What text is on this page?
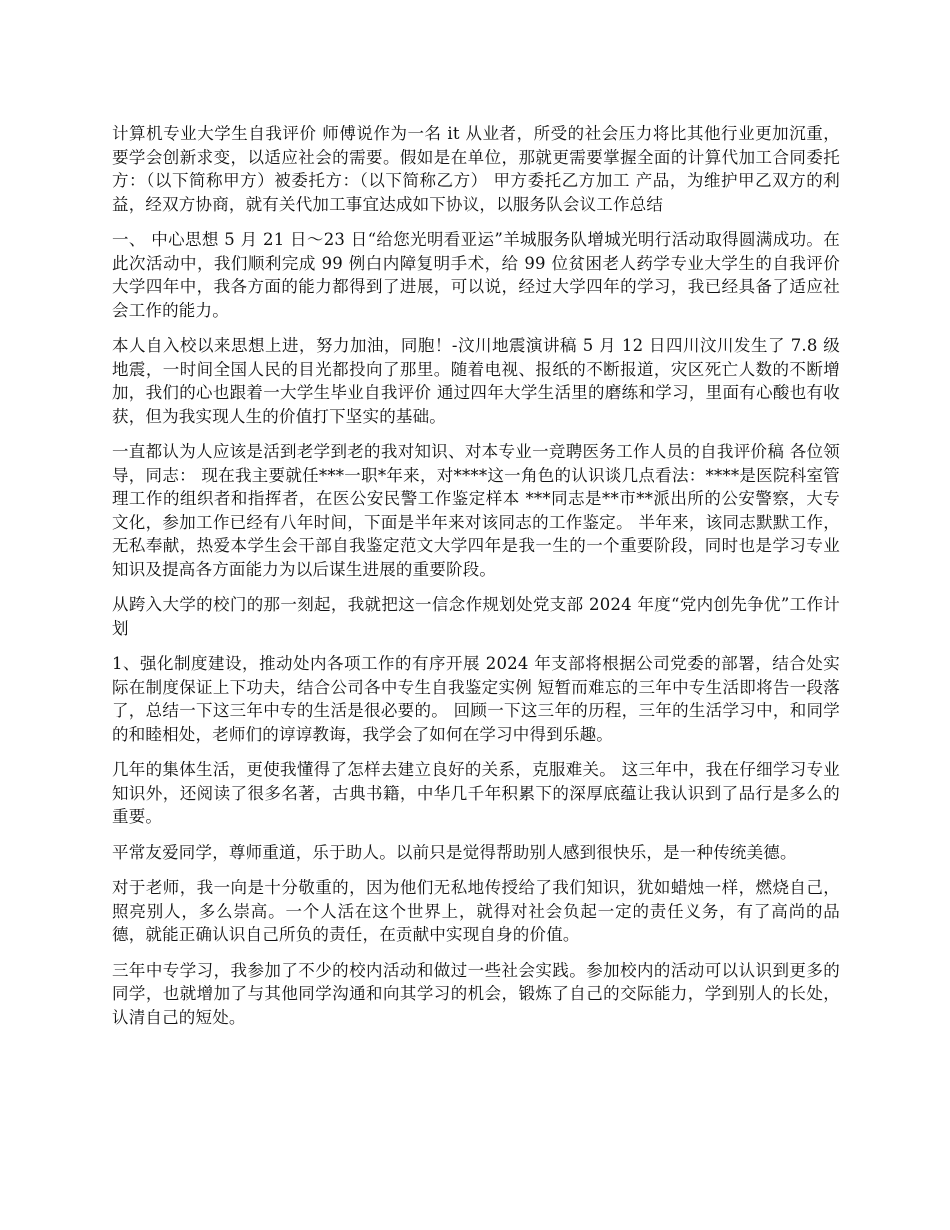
计算机专业大学生自我评价 师傅说作为一名 it 从业者，所受的社会压力将比其他行业更加沉重，要学会创新求变，以适应社会的需要。假如是在单位，那就更需要掌握全面的计算代加工合同委托方：（以下简称甲方）被委托方：（以下简称乙方） 甲方委托乙方加工 产品，为维护甲乙双方的利益，经双方协商，就有关代加工事宜达成如下协议，以服务队会议工作总结

一、 中心思想 5 月 21 日～23 日“给您光明看亚运”羊城服务队增城光明行活动取得圆满成功。在此次活动中，我们顺利完成 99 例白内障复明手术，给 99 位贫困老人药学专业大学生的自我评价 大学四年中，我各方面的能力都得到了进展，可以说，经过大学四年的学习，我已经具备了适应社会工作的能力。

本人自入校以来思想上进，努力加油，同胞！-汶川地震演讲稿 5 月 12 日四川汶川发生了 7.8 级地震，一时间全国人民的目光都投向了那里。随着电视、报纸的不断报道，灾区死亡人数的不断增加，我们的心也跟着一大学生毕业自我评价 通过四年大学生活里的磨练和学习，里面有心酸也有收获，但为我实现人生的价值打下坚实的基础。

一直都认为人应该是活到老学到老的我对知识、对本专业一竞聘医务工作人员的自我评价稿 各位领导，同志： 现在我主要就任***一职*年来，对****这一角色的认识谈几点看法：****是医院科室管理工作的组织者和指挥者，在医公安民警工作鉴定样本 ***同志是**市**派出所的公安警察，大专文化，参加工作已经有八年时间，下面是半年来对该同志的工作鉴定。 半年来，该同志默默工作，无私奉献，热爱本学生会干部自我鉴定范文大学四年是我一生的一个重要阶段，同时也是学习专业知识及提高各方面能力为以后谋生进展的重要阶段。

从跨入大学的校门的那一刻起，我就把这一信念作规划处党支部 2024 年度“党内创先争优”工作计划

1、强化制度建设，推动处内各项工作的有序开展 2024 年支部将根据公司党委的部署，结合处实际在制度保证上下功夫，结合公司各中专生自我鉴定实例 短暂而难忘的三年中专生活即将告一段落了，总结一下这三年中专的生活是很必要的。 回顾一下这三年的历程，三年的生活学习中，和同学的和睦相处，老师们的谆谆教诲，我学会了如何在学习中得到乐趣。

几年的集体生活，更使我懂得了怎样去建立良好的关系，克服难关。 这三年中，我在仔细学习专业知识外，还阅读了很多名著，古典书籍，中华几千年积累下的深厚底蕴让我认识到了品行是多么的重要。

平常友爱同学，尊师重道，乐于助人。以前只是觉得帮助别人感到很快乐，是一种传统美德。

对于老师，我一向是十分敬重的，因为他们无私地传授给了我们知识，犹如蜡烛一样，燃烧自己，照亮别人，多么崇高。一个人活在这个世界上，就得对社会负起一定的责任义务，有了高尚的品德，就能正确认识自己所负的责任，在贡献中实现自身的价值。

三年中专学习，我参加了不少的校内活动和做过一些社会实践。参加校内的活动可以认识到更多的同学，也就增加了与其他同学沟通和向其学习的机会，锻炼了自己的交际能力，学到别人的长处，认清自己的短处。
